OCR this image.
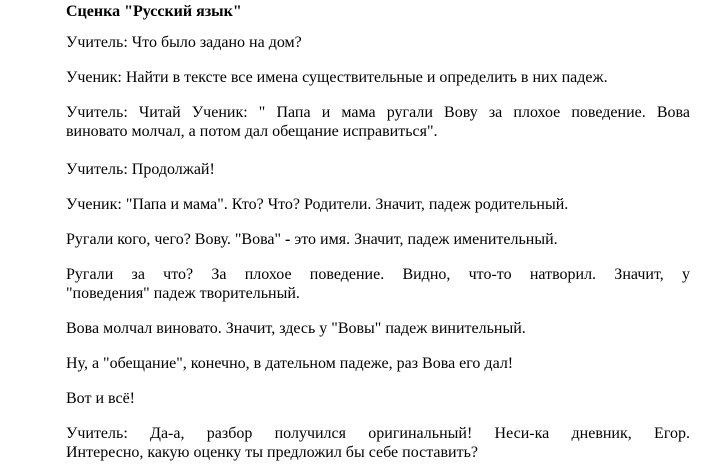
Сценка "Русский язык"
Учитель: Что было задано на дом?
Ученик: Найти в тексте все имена существительные и определить в них падеж.
Учитель: Читай Ученик: " Папа и мама ругали Вову за плохое поведение. Вова
виновато молчал, а потом дал обещание исправиться".
Учитель: Продолжай!
Ученик: "Папа и мама". Кто? Что? Родители. Значит, падеж родительный.
Ругали кого, чего? Вову. "Вова" - это имя. Значит, падеж именительный.
Ругали за что? За плохое поведение. Видно, что-то натворил. Значит, у
"поведения" падеж творительный.
Вова молчал виновато. Значит, здесь у "Вовы" падеж винительный.
Ну, а "обещание", конечно, в дательном падеже, раз Вова его дал!
Вот и всё!
Учитель: Да-а, разбор получился оригинальный! Неси-ка дневник, Егор.
Интересно, какую оценку ты предложил бы себе поставить?
